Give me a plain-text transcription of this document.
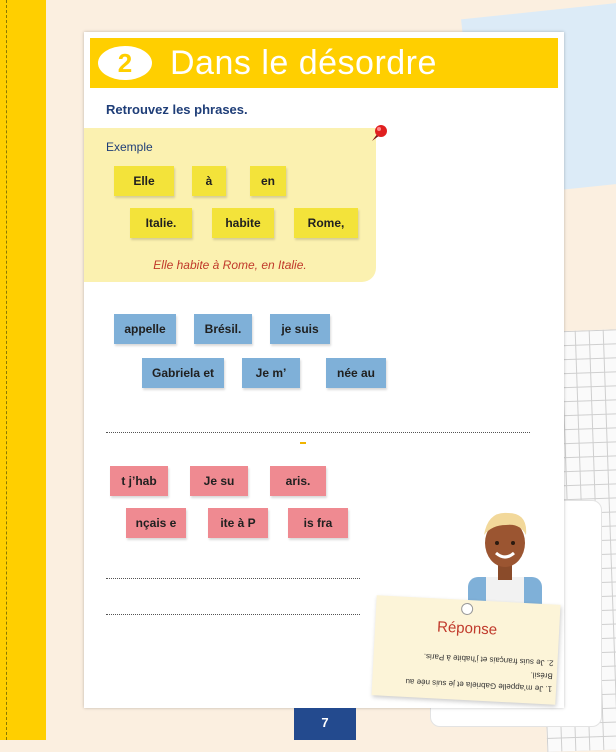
2	Dans le désordre
Retrouvez les phrases.
Exemple
Elle habite à Rome, en Italie.
Elle	à	en
Italie.	habite	Rome,
appelle	Brésil.	je suis
Gabriela et	Je m’	née au
t j’hab	Je su	aris.
nçais e	ite à P	is fra
7
Réponse
1. Je m’appelle Gabriela et je suis née au Brésil.
2. Je suis français et j’habite à Paris.
